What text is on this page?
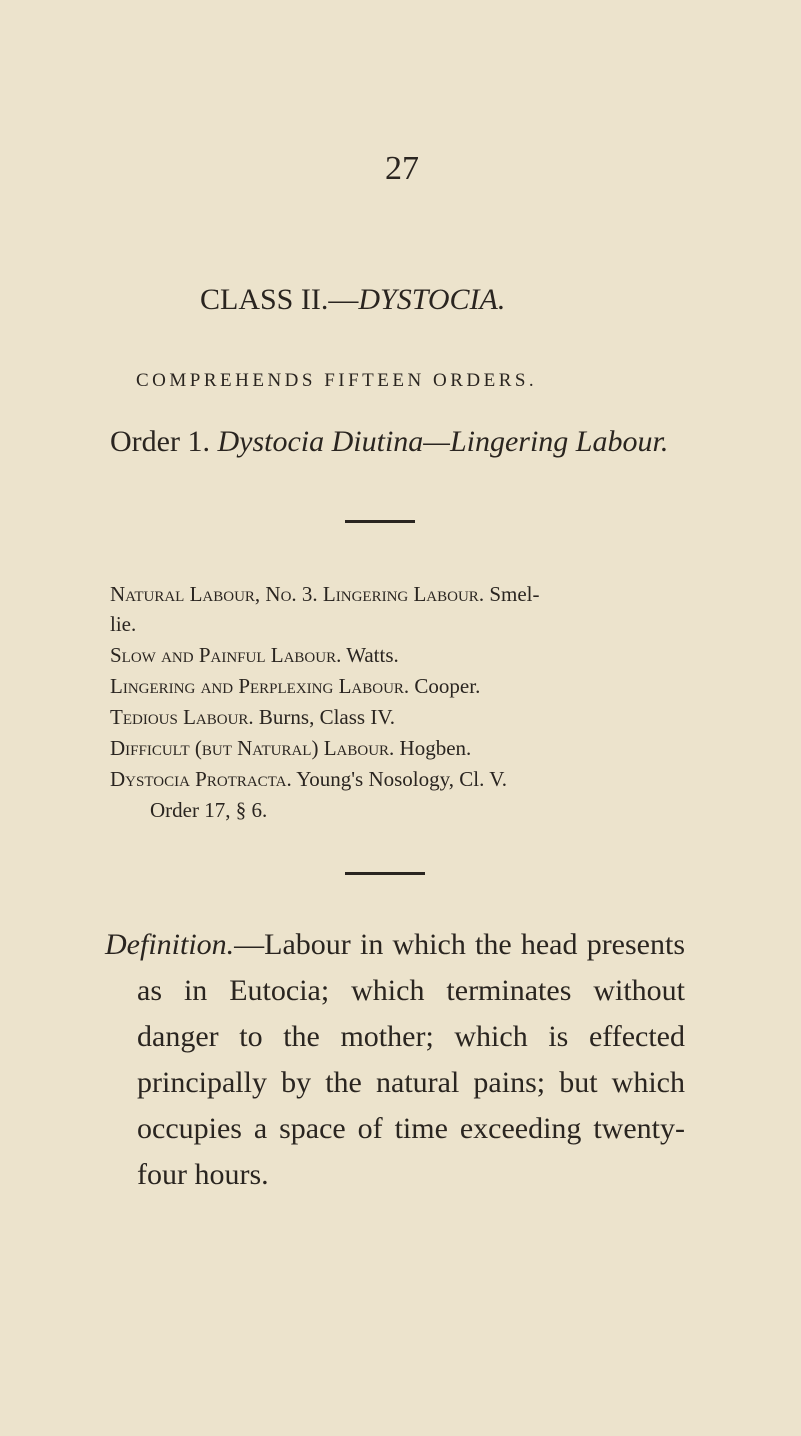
27
CLASS II.—DYSTOCIA.
COMPREHENDS FIFTEEN ORDERS.
Order 1. Dystocia Diutina—Lingering Labour.
Natural Labour, No. 3. Lingering Labour. Smel-
lie.
Slow and Painful Labour. Watts.
Lingering and Perplexing Labour. Cooper.
Tedious Labour. Burns, Class IV.
Difficult (but Natural) Labour. Hogben.
Dystocia Protracta. Young's Nosology, Cl. V.
Order 17, § 6.
Definition.—Labour in which the head presents
as in Eutocia; which terminates without
danger to the mother; which is effected
principally by the natural pains; but which
occupies a space of time exceeding twenty-
four hours.
